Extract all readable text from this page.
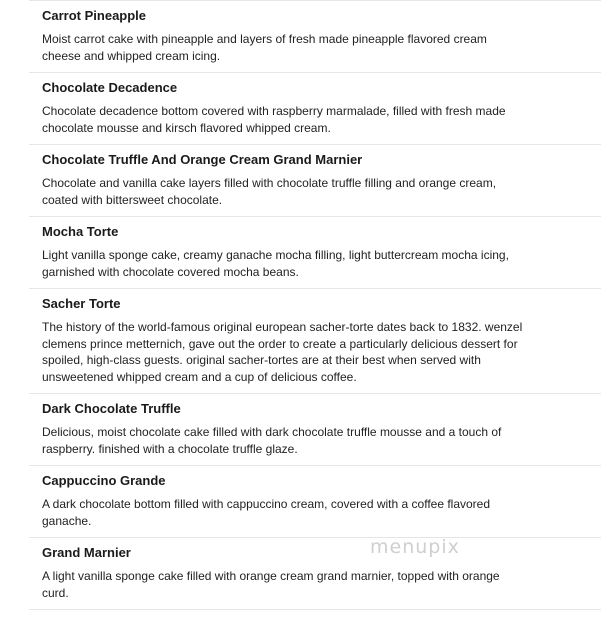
Carrot Pineapple
Moist carrot cake with pineapple and layers of fresh made pineapple flavored cream cheese and whipped cream icing.
Chocolate Decadence
Chocolate decadence bottom covered with raspberry marmalade, filled with fresh made chocolate mousse and kirsch flavored whipped cream.
Chocolate Truffle And Orange Cream Grand Marnier
Chocolate and vanilla cake layers filled with chocolate truffle filling and orange cream, coated with bittersweet chocolate.
Mocha Torte
Light vanilla sponge cake, creamy ganache mocha filling, light buttercream mocha icing, garnished with chocolate covered mocha beans.
Sacher Torte
The history of the world-famous original european sacher-torte dates back to 1832. wenzel clemens prince metternich, gave out the order to create a particularly delicious dessert for spoiled, high-class guests. original sacher-tortes are at their best when served with unsweetened whipped cream and a cup of delicious coffee.
Dark Chocolate Truffle
Delicious, moist chocolate cake filled with dark chocolate truffle mousse and a touch of raspberry. finished with a chocolate truffle glaze.
Cappuccino Grande
A dark chocolate bottom filled with cappuccino cream, covered with a coffee flavored ganache.
Grand Marnier
A light vanilla sponge cake filled with orange cream grand marnier, topped with orange curd.
menupix
